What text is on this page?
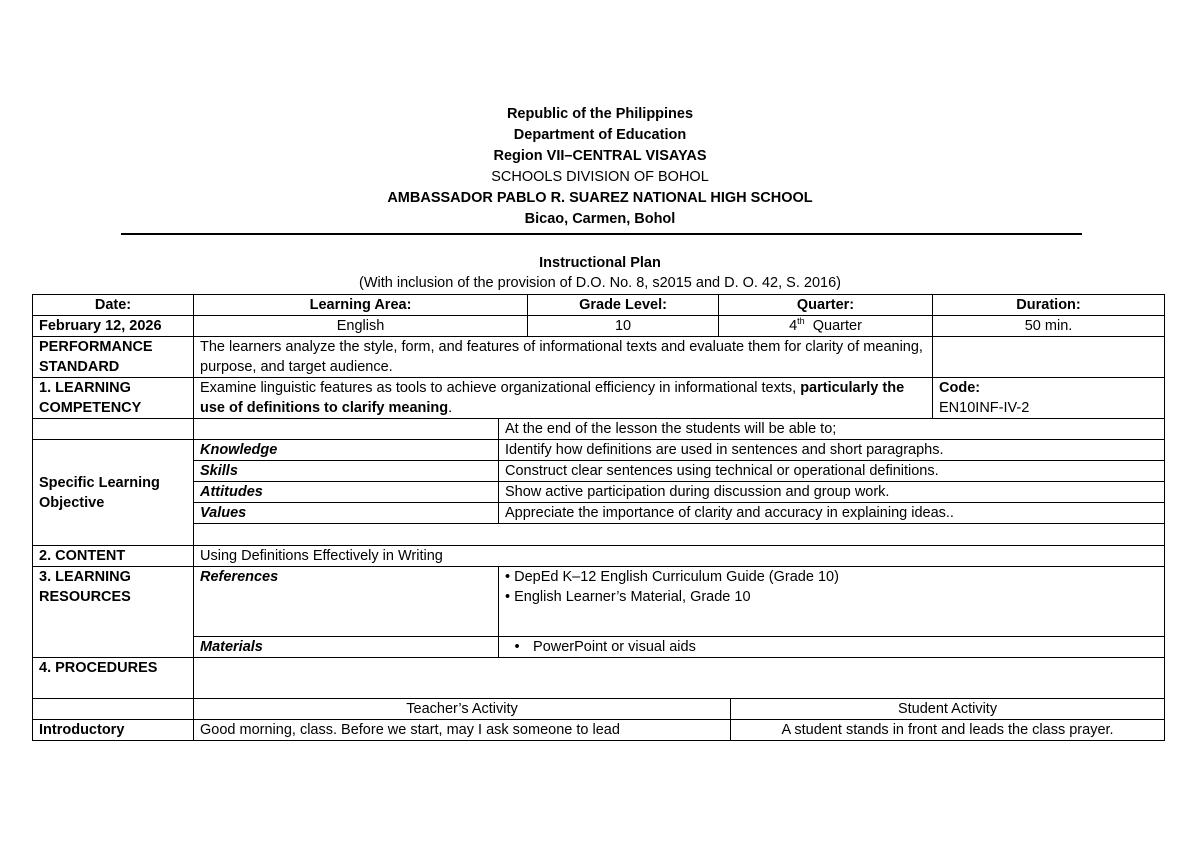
Republic of the Philippines
Department of Education
Region VII–CENTRAL VISAYAS
SCHOOLS DIVISION OF BOHOL
AMBASSADOR PABLO R. SUAREZ NATIONAL HIGH SCHOOL
Bicao, Carmen, Bohol
Instructional Plan
(With inclusion of the provision of D.O. No. 8, s2015 and D. O. 42, S. 2016)
Date:	Learning Area:		Grade Level:	Quarter:		Duration:
February 12, 2026	English		10	4th Quarter		50 min.
PERFORMANCE STANDARD	The learners analyze the style, form, and features of informational texts and evaluate them for clarity of meaning, purpose, and target audience.					
1. LEARNING COMPETENCY	Examine linguistic features as tools to achieve organizational efficiency in informational texts, particularly the use of definitions to clarify meaning.					Code:
EN10INF-IV-2

		At the end of the lesson the students will be able to;				
Specific Learning Objective	Knowledge	Identify how definitions are used in sentences and short paragraphs.				
	Skills	Construct clear sentences using technical or operational definitions.				
	Attitudes	Show active participation during discussion and group work.				
	Values	Appreciate the importance of clarity and accuracy in explaining ideas..				

2. CONTENT	Using Definitions Effectively in Writing					
3. LEARNING RESOURCES	References	• DepEd K–12 English Curriculum Guide (Grade 10)
• English Learner’s Material, Grade 10				

	Materials	• PowerPoint or visual aids				
4. PROCEDURES						
	Teacher’s Activity				Student Activity	
Introductory	Good morning, class. Before we start, may I ask someone to lead				A student stands in front and leads the class prayer.	
